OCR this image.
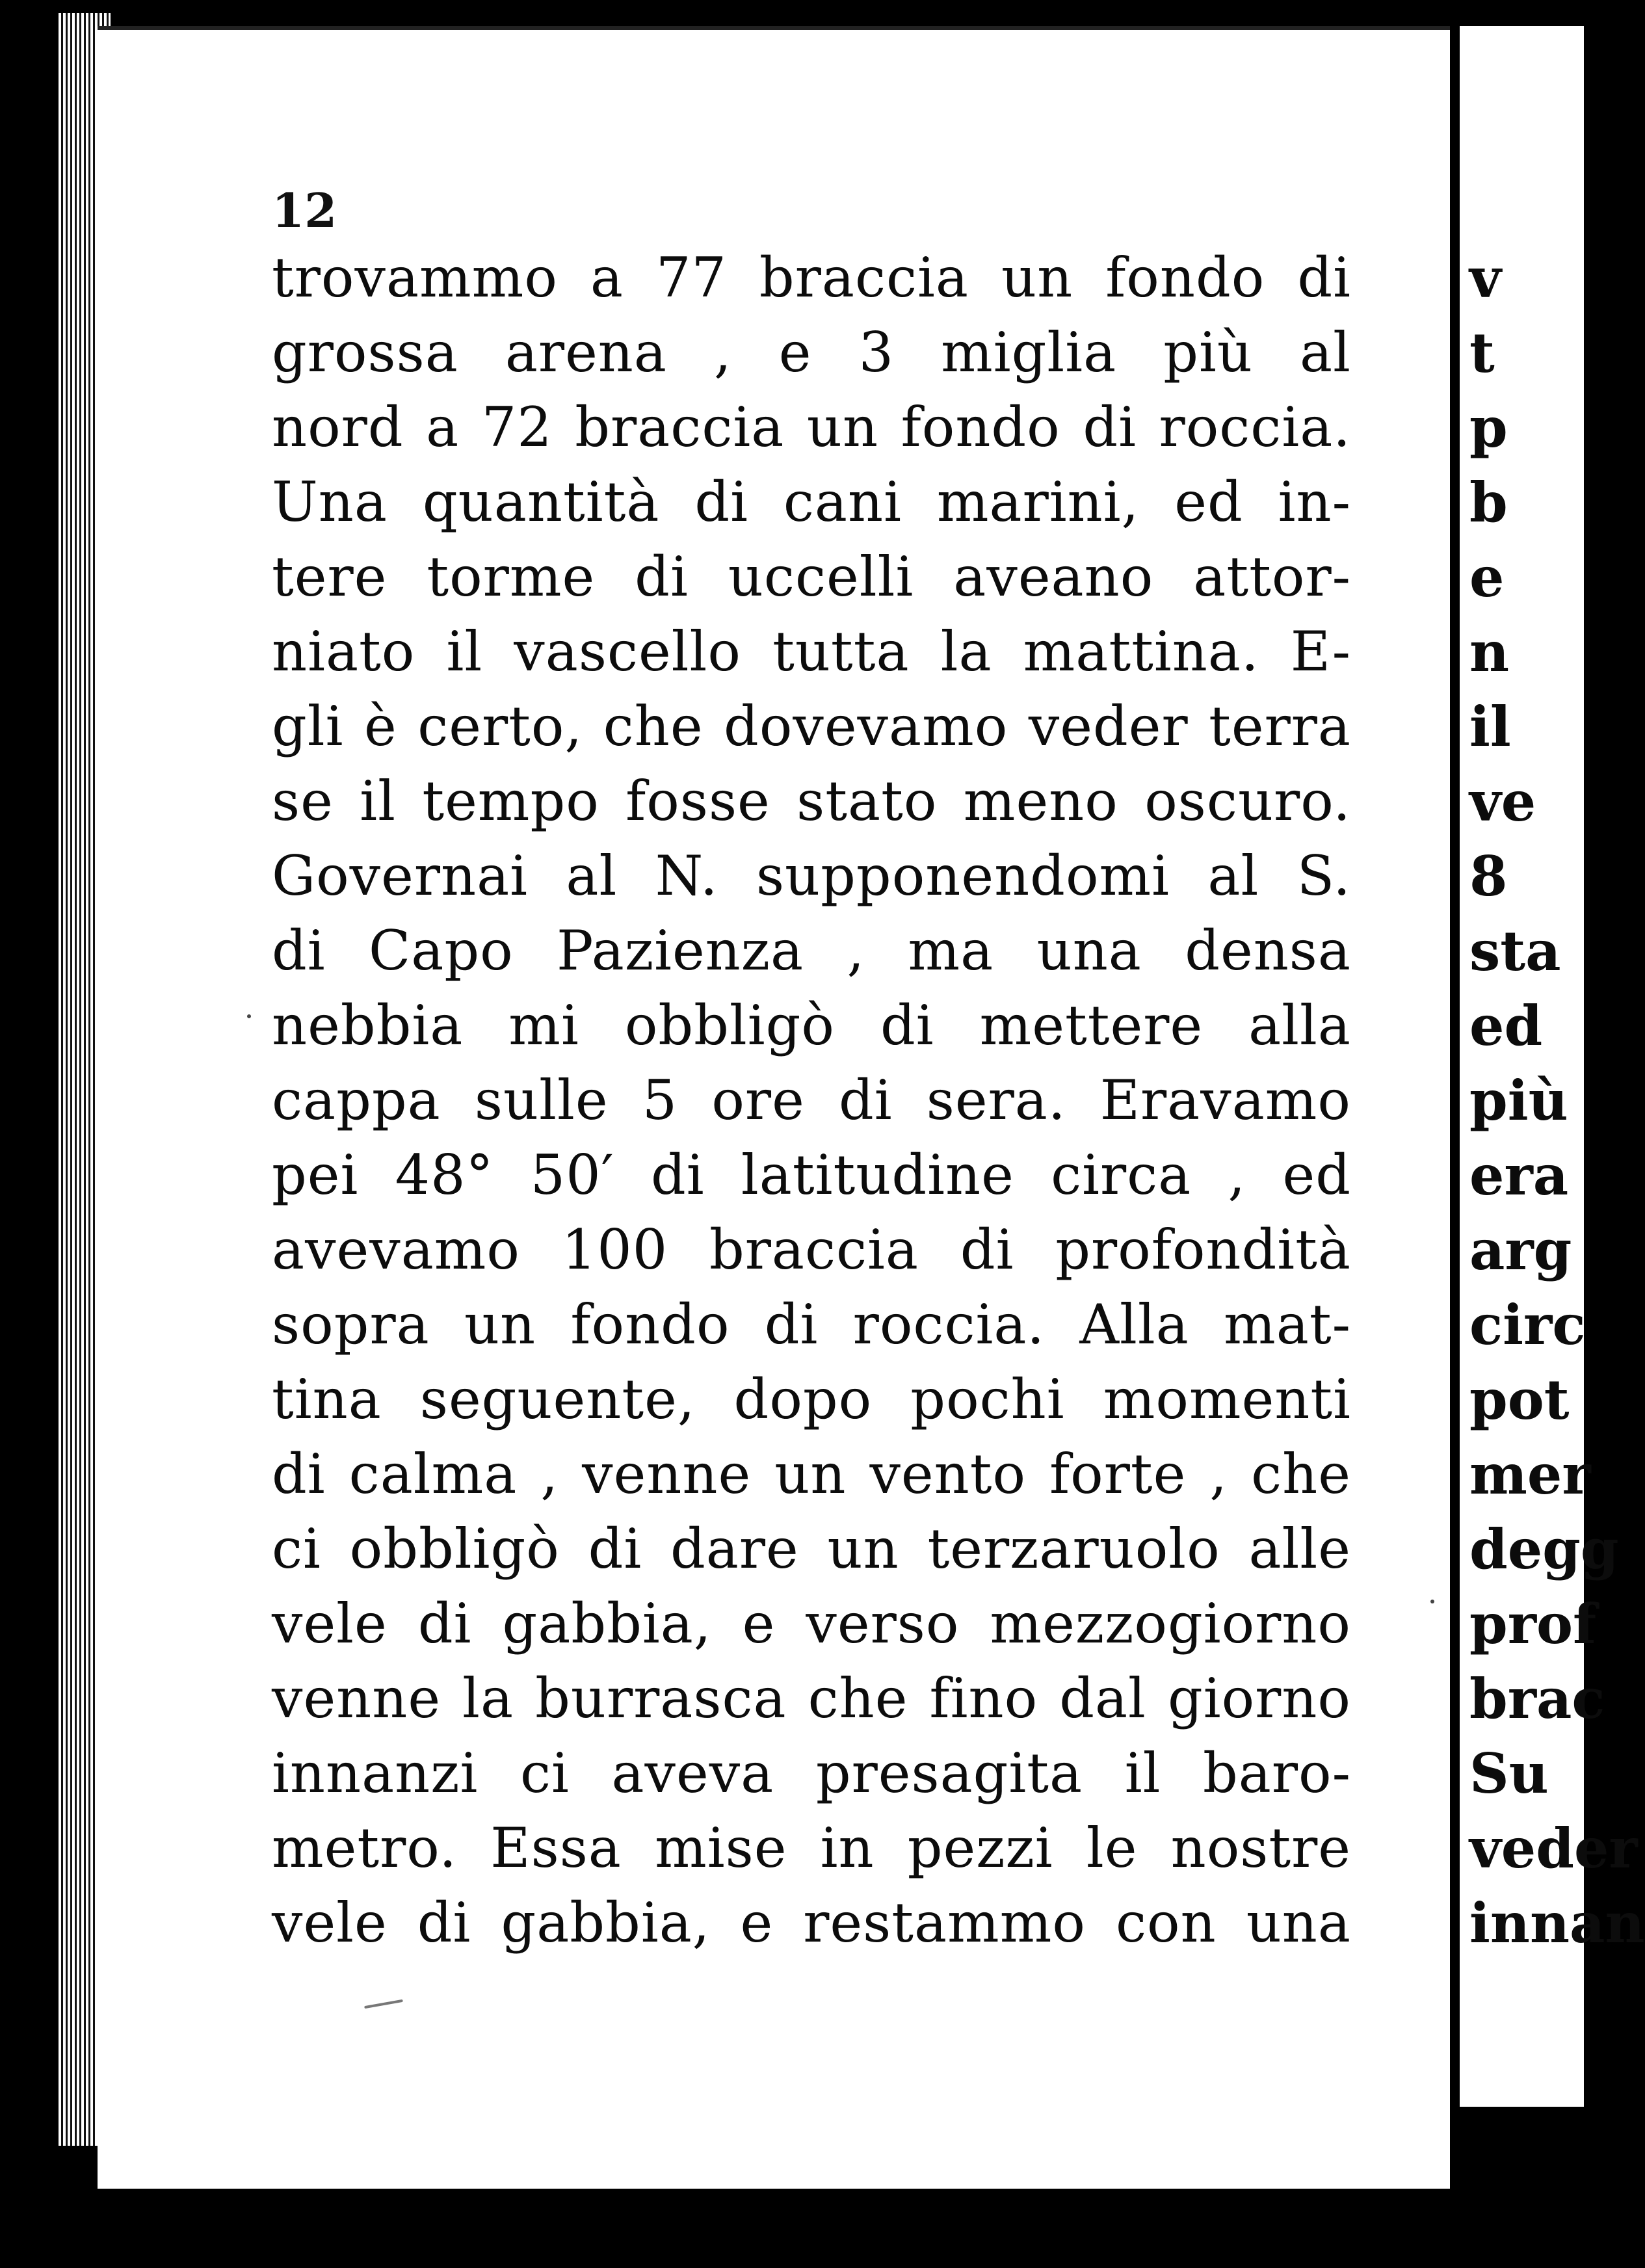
12
trovammo a 77 braccia un fondo di
grossa arena , e 3 miglia più al
nord a 72 braccia un fondo di roccia.
Una quantità di cani marini, ed in-
tere torme di uccelli aveano attor-
niato il vascello tutta la mattina. E-
gli è certo, che dovevamo veder terra
se il tempo fosse stato meno oscuro.
Governai al N. supponendomi al S.
di Capo Pazienza , ma una densa
nebbia mi obbligò di mettere alla
cappa sulle 5 ore di sera. Eravamo
pei 48° 50′ di latitudine circa , ed
avevamo 100 braccia di profondità
sopra un fondo di roccia. Alla mat-
tina seguente, dopo pochi momenti
di calma , venne un vento forte , che
ci obbligò di dare un terzaruolo alle
vele di gabbia, e verso mezzogiorno
venne la burrasca che fino dal giorno
innanzi ci aveva presagita il baro-
metro. Essa mise in pezzi le nostre
vele di gabbia, e restammo con una
v
t
p
b
e
n
il
ve
8
sta
ed
più
era
arg
circ
pot
mer
degg
prof
brac
Su
veder
innan
